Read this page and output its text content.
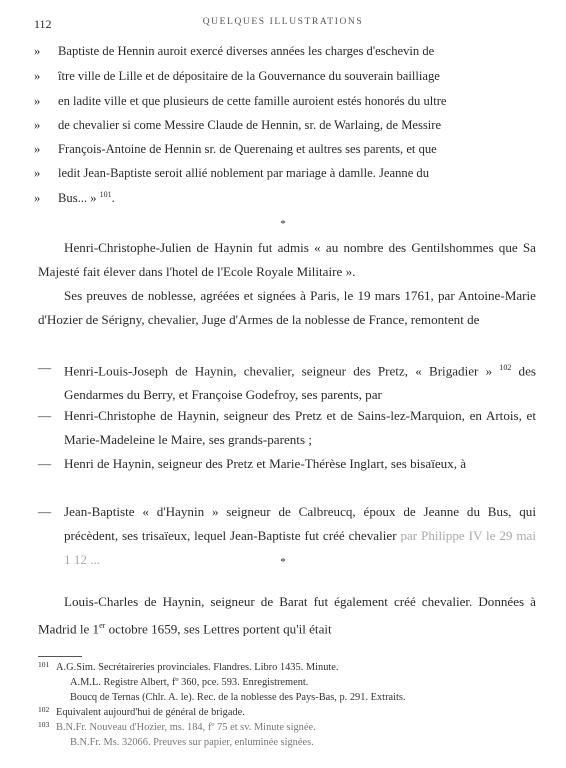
112	QUELQUES ILLUSTRATIONS
» Baptiste de Hennin auroit exercé diverses années les charges d'eschevin de
» ître ville de Lille et de dépositaire de la Gouvernance du souverain bailliage
» en ladite ville et que plusieurs de cette famille auroient estés honorés du ultre
» de chevalier si come Messire Claude de Hennin, sr. de Warlaing, de Messire
» François-Antoine de Hennin sr. de Querenaing et aultres ses parents, et que
» ledit Jean-Baptiste seroit allié noblement par mariage à damlle. Jeanne du
» Bus... » $^{101}$.
*
Henri-Christophe-Julien de Haynin fut admis « au nombre des Gentilshommes que Sa Majesté fait élever dans l'hotel de l'Ecole Royale Militaire ».
Ses preuves de noblesse, agréées et signées à Paris, le 19 mars 1761, par Antoine-Marie d'Hozier de Sérigny, chevalier, Juge d'Armes de la noblesse de France, remontent de
— Henri-Louis-Joseph de Haynin, chevalier, seigneur des Pretz, « Brigadier » $^{102}$ des Gendarmes du Berry, et Françoise Godefroy, ses parents, par
— Henri-Christophe de Haynin, seigneur des Pretz et de Sains-lez-Marquion, en Artois, et Marie-Madeleine le Maire, ses grands-parents ;
— Henri de Haynin, seigneur des Pretz et Marie-Thérèse Inglart, ses bisaïeux, à
— Jean-Baptiste « d'Haynin » seigneur de Calbreucq, époux de Jeanne du Bus, qui précèdent, ses trisaïeux, lequel Jean-Baptiste fut créé chevalier par Philippe IV le 29 mai 1 12 ...	*
Louis-Charles de Haynin, seigneur de Barat fut également créé chevalier. Données à Madrid le 1er octobre 1659, ses Lettres portent qu'il était
101 A.G.Sim. Secrétaireries provinciales. Flandres. Libro 1435. Minute.
A.M.L. Registre Albert, fº 360, pce. 593. Enregistrement.
Boucq de Ternas (Chlr. A. le). Rec. de la noblesse des Pays-Bas, p. 291. Extraits.
102 Equivalent aujourd'hui de général de brigade.
103 B.N.Fr. Nouveau d'Hozier, ms. 184, fº 75 et sv. Minute signée.
B.N.Fr. Ms. 32066. Preuves sur papier, enluminée signées.
